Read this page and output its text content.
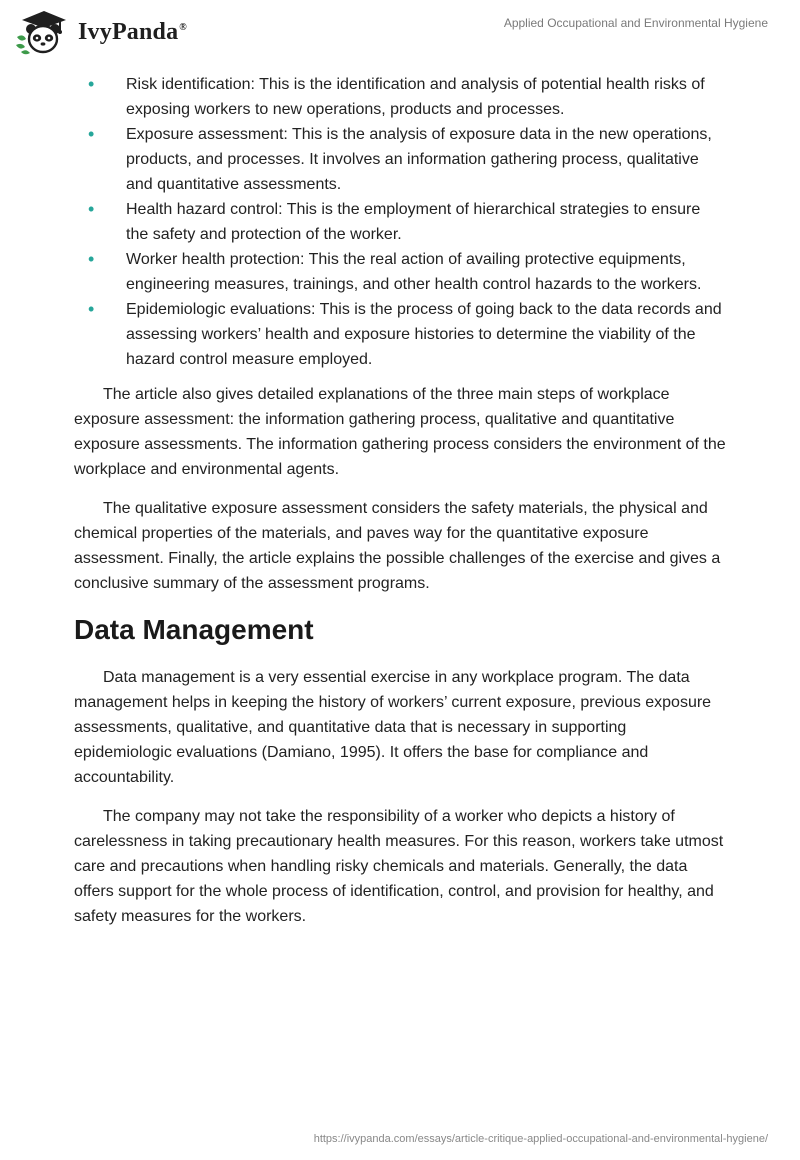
IvyPanda®	Applied Occupational and Environmental Hygiene
• Risk identification: This is the identification and analysis of potential health risks of exposing workers to new operations, products and processes.
• Exposure assessment: This is the analysis of exposure data in the new operations, products, and processes. It involves an information gathering process, qualitative and quantitative assessments.
• Health hazard control: This is the employment of hierarchical strategies to ensure the safety and protection of the worker.
• Worker health protection: This the real action of availing protective equipments, engineering measures, trainings, and other health control hazards to the workers.
• Epidemiologic evaluations: This is the process of going back to the data records and assessing workers’ health and exposure histories to determine the viability of the hazard control measure employed.

The article also gives detailed explanations of the three main steps of workplace exposure assessment: the information gathering process, qualitative and quantitative exposure assessments. The information gathering process considers the environment of the workplace and environmental agents.

The qualitative exposure assessment considers the safety materials, the physical and chemical properties of the materials, and paves way for the quantitative exposure assessment. Finally, the article explains the possible challenges of the exercise and gives a conclusive summary of the assessment programs.

Data Management

Data management is a very essential exercise in any workplace program. The data management helps in keeping the history of workers’ current exposure, previous exposure assessments, qualitative, and quantitative data that is necessary in supporting epidemiologic evaluations (Damiano, 1995). It offers the base for compliance and accountability.

The company may not take the responsibility of a worker who depicts a history of carelessness in taking precautionary health measures. For this reason, workers take utmost care and precautions when handling risky chemicals and materials. Generally, the data offers support for the whole process of identification, control, and provision for healthy, and safety measures for the workers.

https://ivypanda.com/essays/article-critique-applied-occupational-and-environmental-hygiene/
